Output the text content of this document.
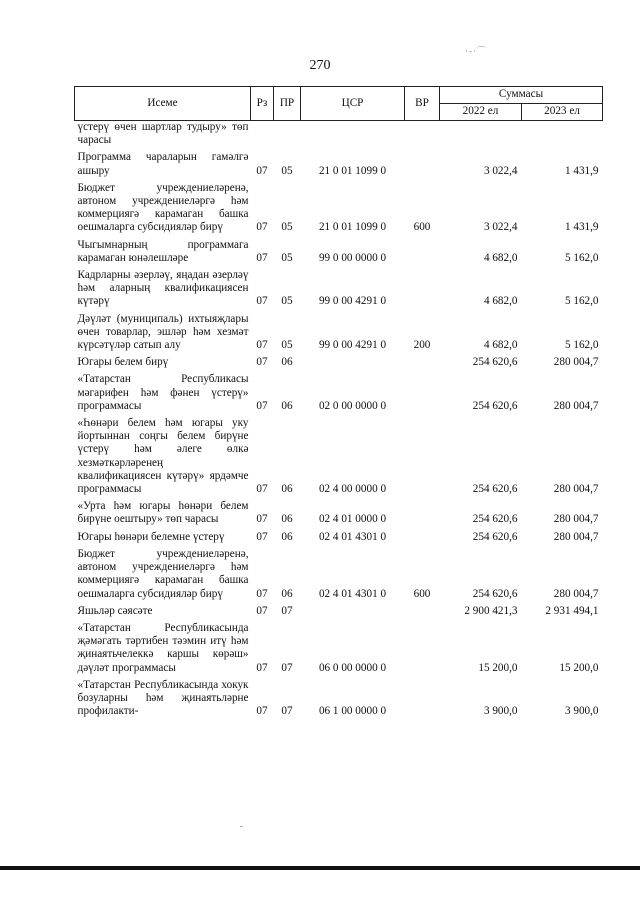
·-·⌒
270
Исеме	Рз	ПР	ЦСР	ВР	Суммасы	
					2022 ел	2023 ел
үстерү өчен шартлар тудыру» төп чарасы						
Программа чараларын гамәлгә ашыру	07	05	21 0 01 1099 0		3 022,4	1 431,9
Бюджет учреждениеләренә, автоном учреждениеләргә һәм коммерциягә карамаган башка оешмаларга субсидияләр бирү	07	05	21 0 01 1099 0	600	3 022,4	1 431,9
Чыгымнарның программага карамаган юнәлешләре	07	05	99 0 00 0000 0		4 682,0	5 162,0
Кадрларны әзерләү, яңадан әзерләү һәм аларның квалификациясен күтәрү	07	05	99 0 00 4291 0		4 682,0	5 162,0
Дәүләт (муниципаль) ихтыяҗлары өчен товарлар, эшләр һәм хезмәт күрсәтүләр сатып алу	07	05	99 0 00 4291 0	200	4 682,0	5 162,0
Югары белем бирү	07	06			254 620,6	280 004,7
«Татарстан Республикасы мәгарифен һәм фәнен үстерү» программасы	07	06	02 0 00 0000 0		254 620,6	280 004,7
«Һөнәри белем һәм югары уку йортыннан соңгы белем бирүне үстерү һәм әлеге өлкә хезмәткәрләренең квалификациясен күтәрү» ярдәмче программасы	07	06	02 4 00 0000 0		254 620,6	280 004,7
«Урта һәм югары һөнәри белем бирүне оештыру» төп чарасы	07	06	02 4 01 0000 0		254 620,6	280 004,7
Югары һөнәри белемне үстерү	07	06	02 4 01 4301 0		254 620,6	280 004,7
Бюджет учреждениеләренә, автоном учреждениеләргә һәм коммерциягә карамаган башка оешмаларга субсидияләр бирү	07	06	02 4 01 4301 0	600	254 620,6	280 004,7
Яшьләр сәясәте	07	07			2 900 421,3	2 931 494,1
«Татарстан Республикасында җәмәгать тәртибен тәэмин итү һәм җинаятьчелеккә каршы көрәш» дәүләт программасы	07	07	06 0 00 0000 0		15 200,0	15 200,0
«Татарстан Республикасында хокук бозуларны һәм җинаятьләрне профилакти-	07	07	06 1 00 0000 0		3 900,0	3 900,0
